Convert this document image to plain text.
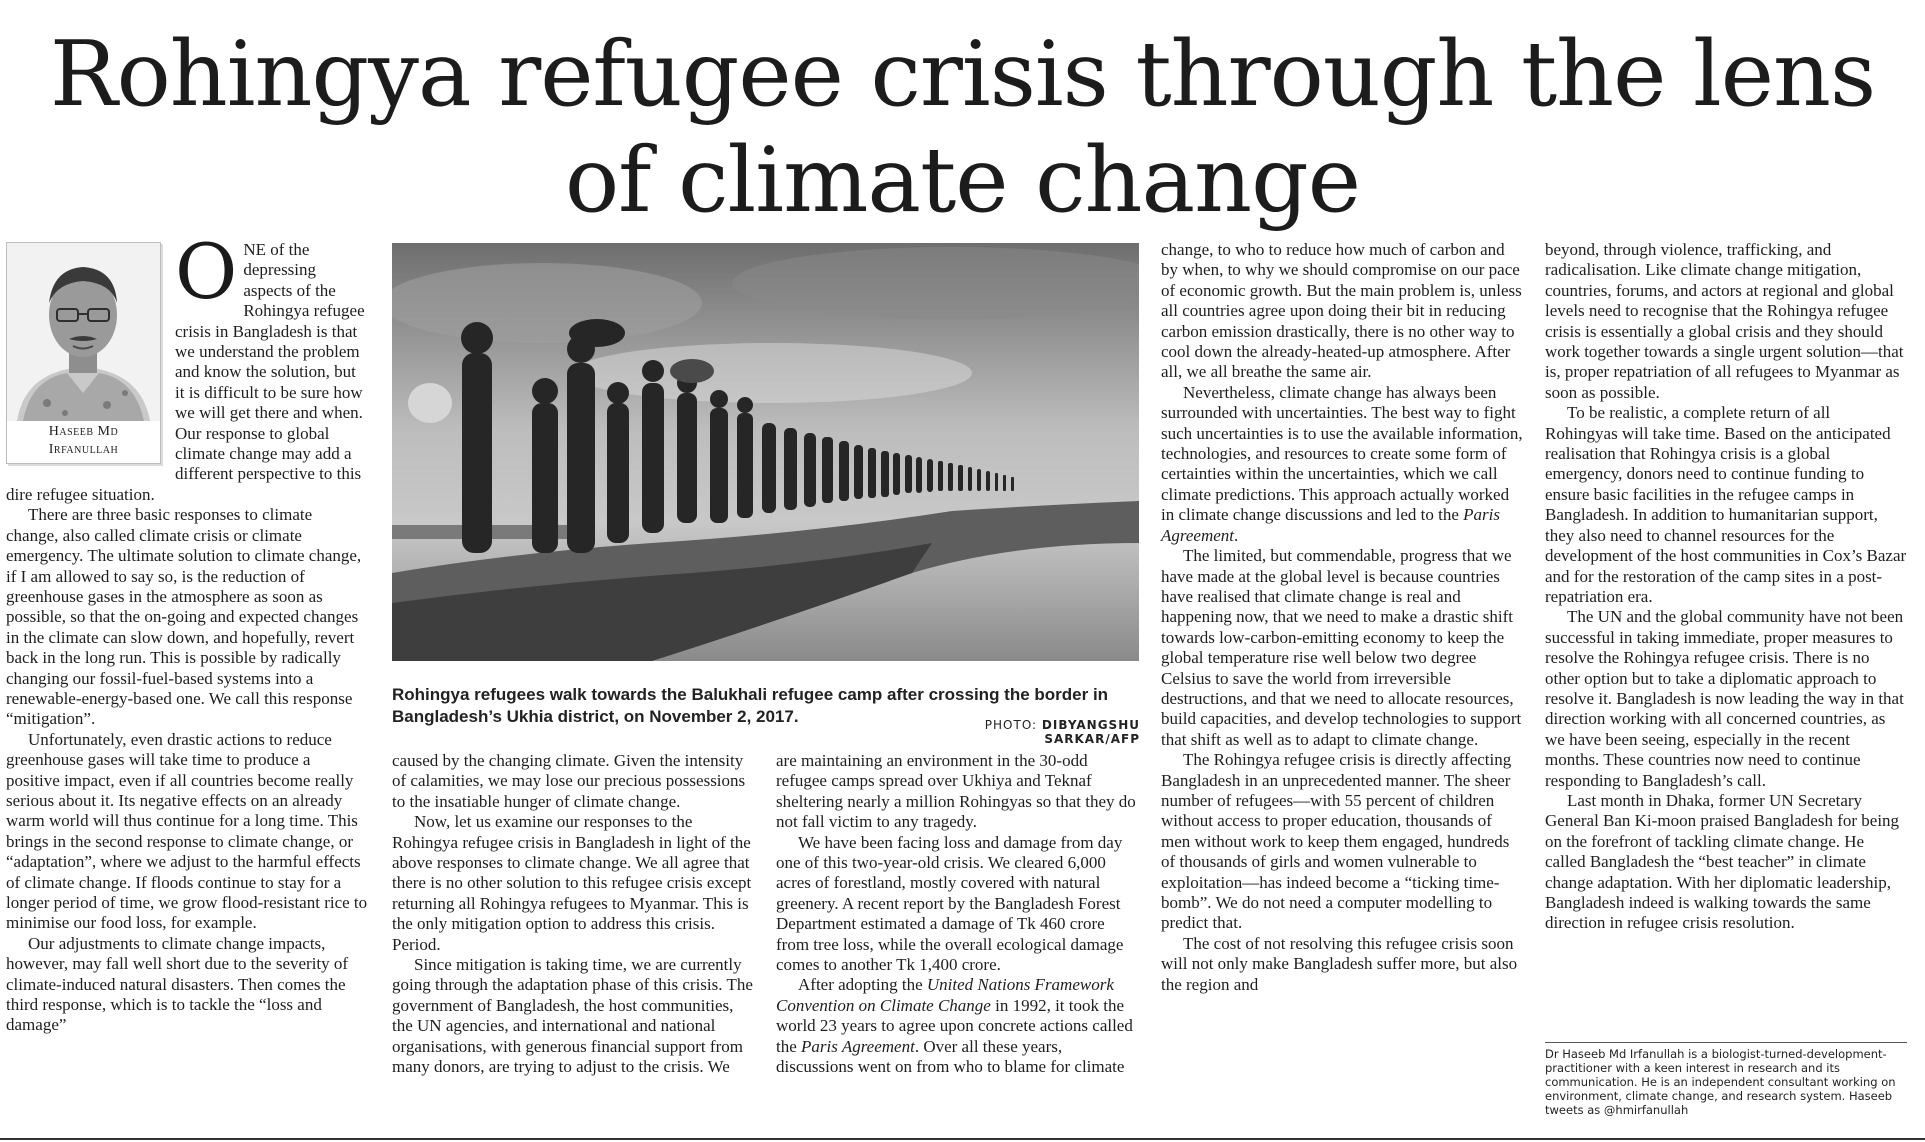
Rohingya refugee crisis through the lens of climate change
Haseeb Md
Irfanullah

ONE of the depressing aspects of the Rohingya refugee crisis in Bangladesh is that we understand the problem and know the solution, but it is difficult to be sure how we will get there and when. Our response to global climate change may add a different perspective to this dire refugee situation.

There are three basic responses to climate change, also called climate crisis or climate emergency. The ultimate solution to climate change, if I am allowed to say so, is the reduction of greenhouse gases in the atmosphere as soon as possible, so that the on-going and expected changes in the climate can slow down, and hopefully, revert back in the long run. This is possible by radically changing our fossil-fuel-based systems into a renewable-energy-based one. We call this response “mitigation”.

Unfortunately, even drastic actions to reduce greenhouse gases will take time to produce a positive impact, even if all countries become really serious about it. Its negative effects on an already warm world will thus continue for a long time. This brings in the second response to climate change, or “adaptation”, where we adjust to the harmful effects of climate change. If floods continue to stay for a longer period of time, we grow flood-resistant rice to minimise our food loss, for example.

Our adjustments to climate change impacts, however, may fall well short due to the severity of climate-induced natural disasters. Then comes the third response, which is to tackle the “loss and damage”

Rohingya refugees walk towards the Balukhali refugee camp after crossing the border in Bangladesh’s Ukhia district, on November 2, 2017.	PHOTO: DIBYANGSHU SARKAR/AFP

caused by the changing climate. Given the intensity of calamities, we may lose our precious possessions to the insatiable hunger of climate change.

Now, let us examine our responses to the Rohingya refugee crisis in Bangladesh in light of the above responses to climate change. We all agree that there is no other solution to this refugee crisis except returning all Rohingya refugees to Myanmar. This is the only mitigation option to address this crisis. Period.

Since mitigation is taking time, we are currently going through the adaptation phase of this crisis. The government of Bangladesh, the host communities, the UN agencies, and international and national organisations, with generous financial support from many donors, are trying to adjust to the crisis. We

are maintaining an environment in the 30-odd refugee camps spread over Ukhiya and Teknaf sheltering nearly a million Rohingyas so that they do not fall victim to any tragedy.

We have been facing loss and damage from day one of this two-year-old crisis. We cleared 6,000 acres of forestland, mostly covered with natural greenery. A recent report by the Bangladesh Forest Department estimated a damage of Tk 460 crore from tree loss, while the overall ecological damage comes to another Tk 1,400 crore.

After adopting the United Nations Framework Convention on Climate Change in 1992, it took the world 23 years to agree upon concrete actions called the Paris Agreement. Over all these years, discussions went on from who to blame for climate

change, to who to reduce how much of carbon and by when, to why we should compromise on our pace of economic growth. But the main problem is, unless all countries agree upon doing their bit in reducing carbon emission drastically, there is no other way to cool down the already-heated-up atmosphere. After all, we all breathe the same air.

Nevertheless, climate change has always been surrounded with uncertainties. The best way to fight such uncertainties is to use the available information, technologies, and resources to create some form of certainties within the uncertainties, which we call climate predictions. This approach actually worked in climate change discussions and led to the Paris Agreement.

The limited, but commendable, progress that we have made at the global level is because countries have realised that climate change is real and happening now, that we need to make a drastic shift towards low-carbon-emitting economy to keep the global temperature rise well below two degree Celsius to save the world from irreversible destructions, and that we need to allocate resources, build capacities, and develop technologies to support that shift as well as to adapt to climate change.

The Rohingya refugee crisis is directly affecting Bangladesh in an unprecedented manner. The sheer number of refugees—with 55 percent of children without access to proper education, thousands of men without work to keep them engaged, hundreds of thousands of girls and women vulnerable to exploitation—has indeed become a “ticking time-bomb”. We do not need a computer modelling to predict that.

The cost of not resolving this refugee crisis soon will not only make Bangladesh suffer more, but also the region and

beyond, through violence, trafficking, and radicalisation. Like climate change mitigation, countries, forums, and actors at regional and global levels need to recognise that the Rohingya refugee crisis is essentially a global crisis and they should work together towards a single urgent solution—that is, proper repatriation of all refugees to Myanmar as soon as possible.

To be realistic, a complete return of all Rohingyas will take time. Based on the anticipated realisation that Rohingya crisis is a global emergency, donors need to continue funding to ensure basic facilities in the refugee camps in Bangladesh. In addition to humanitarian support, they also need to channel resources for the development of the host communities in Cox’s Bazar and for the restoration of the camp sites in a post-repatriation era.

The UN and the global community have not been successful in taking immediate, proper measures to resolve the Rohingya refugee crisis. There is no other option but to take a diplomatic approach to resolve it. Bangladesh is now leading the way in that direction working with all concerned countries, as we have been seeing, especially in the recent months. These countries now need to continue responding to Bangladesh’s call.

Last month in Dhaka, former UN Secretary General Ban Ki-moon praised Bangladesh for being on the forefront of tackling climate change. He called Bangladesh the “best teacher” in climate change adaptation. With her diplomatic leadership, Bangladesh indeed is walking towards the same direction in refugee crisis resolution.

Dr Haseeb Md Irfanullah is a biologist-turned-development-practitioner with a keen interest in research and its communication. He is an independent consultant working on environment, climate change, and research system. Haseeb tweets as @hmirfanullah
